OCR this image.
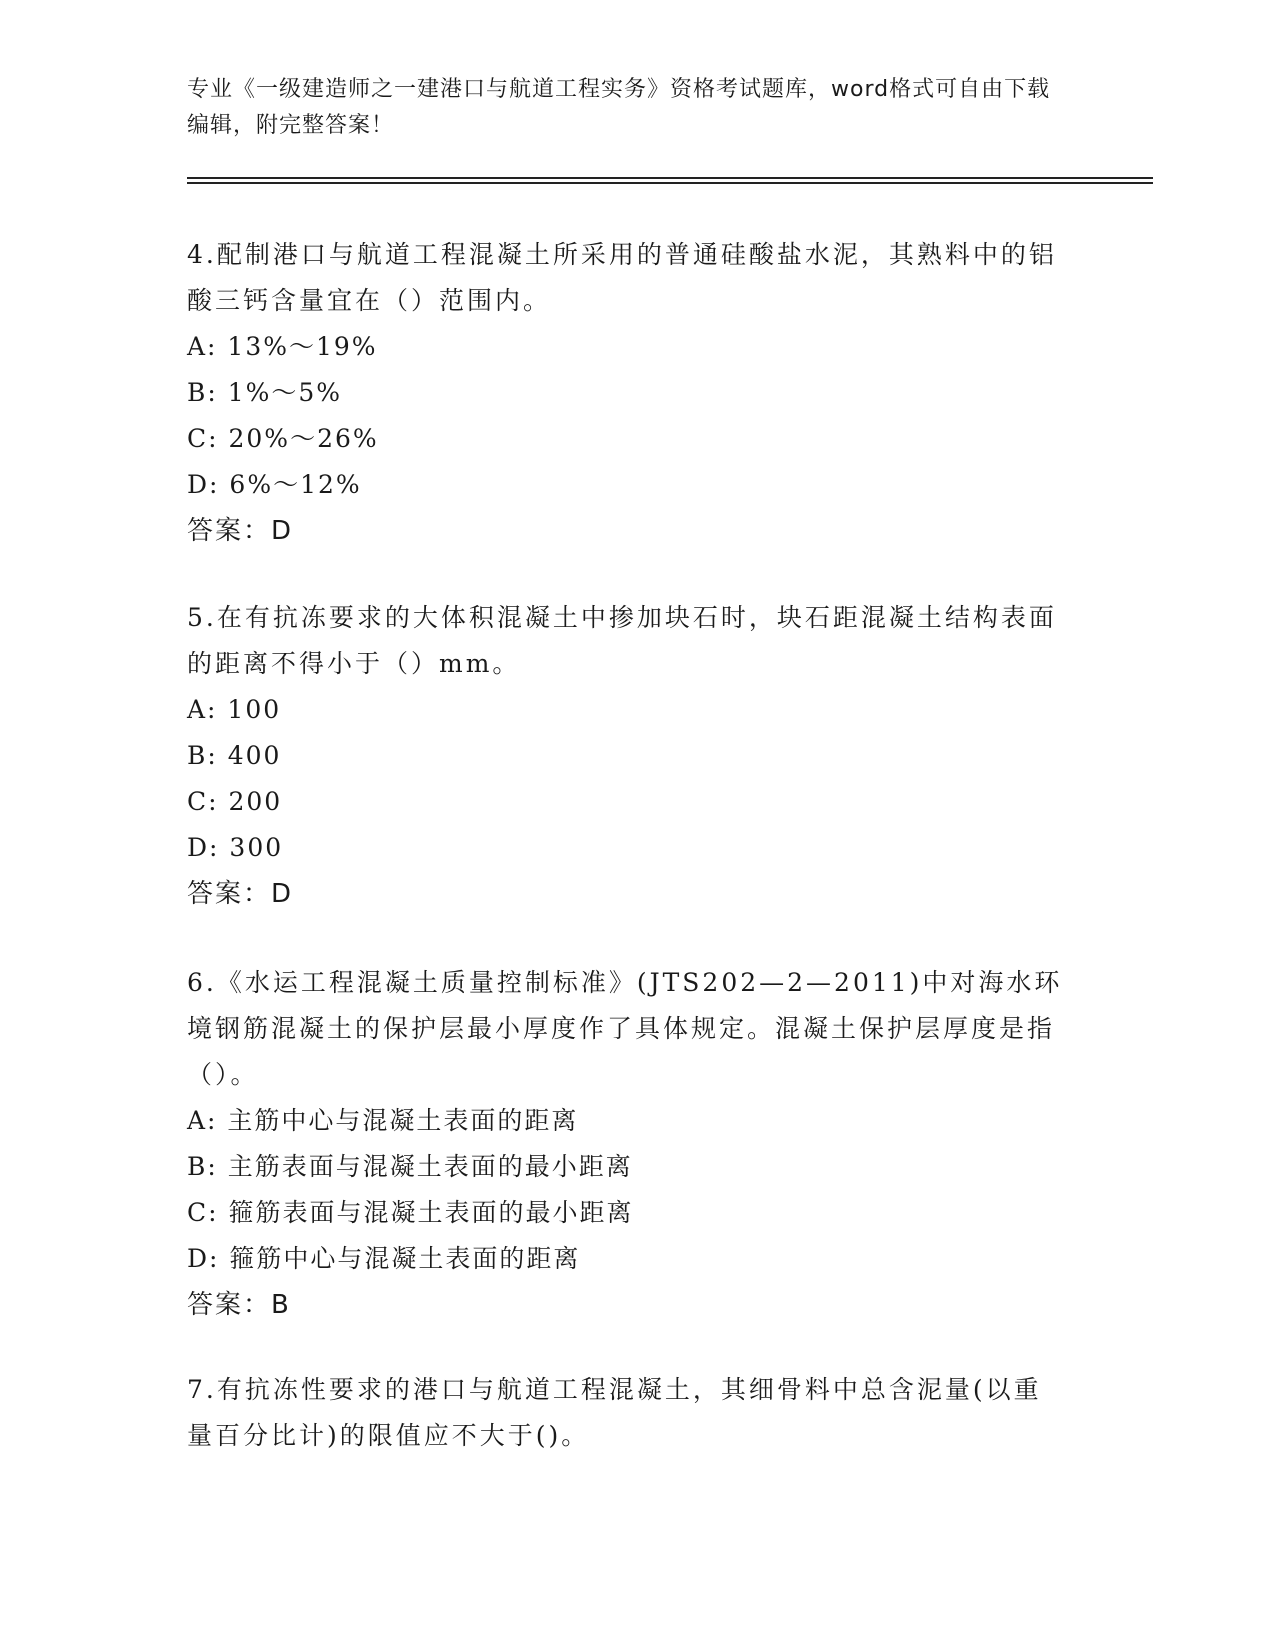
专业《一级建造师之一建港口与航道工程实务》资格考试题库，word格式可自由下载编辑，附完整答案！

4.配制港口与航道工程混凝土所采用的普通硅酸盐水泥，其熟料中的铝酸三钙含量宜在（）范围内。

A: 13%～19%

B: 1%～5%

C: 20%～26%

D: 6%～12%

答案：D

5.在有抗冻要求的大体积混凝土中掺加块石时，块石距混凝土结构表面的距离不得小于（）mm。

A: 100

B: 400

C: 200

D: 300

答案：D

6.《水运工程混凝土质量控制标准》(JTS202—2—2011)中对海水环境钢筋混凝土的保护层最小厚度作了具体规定。混凝土保护层厚度是指（）。

A: 主筋中心与混凝土表面的距离

B: 主筋表面与混凝土表面的最小距离

C: 箍筋表面与混凝土表面的最小距离

D: 箍筋中心与混凝土表面的距离

答案：B

7.有抗冻性要求的港口与航道工程混凝土，其细骨料中总含泥量(以重量百分比计)的限值应不大于()。
